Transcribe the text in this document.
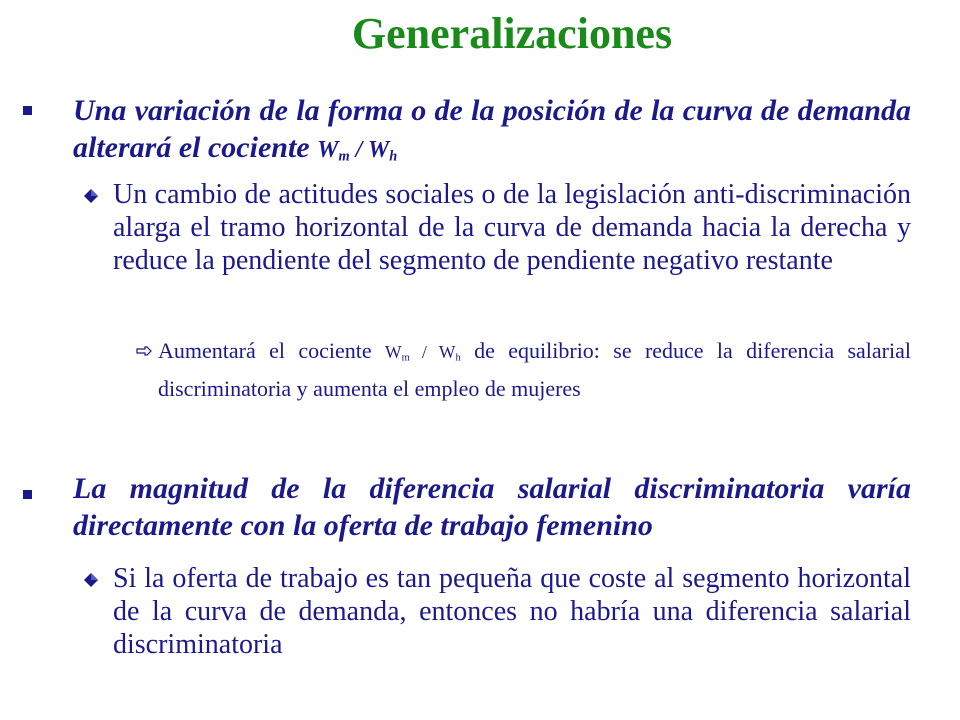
Generalizaciones
Una variación de la forma o de la posición de la curva de demanda alterará el cociente $W_m / W_h$
Un cambio de actitudes sociales o de la legislación anti-discriminación alarga el tramo horizontal de la curva de demanda hacia la derecha y reduce la pendiente del segmento de pendiente negativo restante
Aumentará el cociente $W_m / W_h$ de equilibrio: se reduce la diferencia salarial discriminatoria y aumenta el empleo de mujeres
La magnitud de la diferencia salarial discriminatoria varía directamente con la oferta de trabajo femenino
Si la oferta de trabajo es tan pequeña que coste al segmento horizontal de la curva de demanda, entonces no habría una diferencia salarial discriminatoria
